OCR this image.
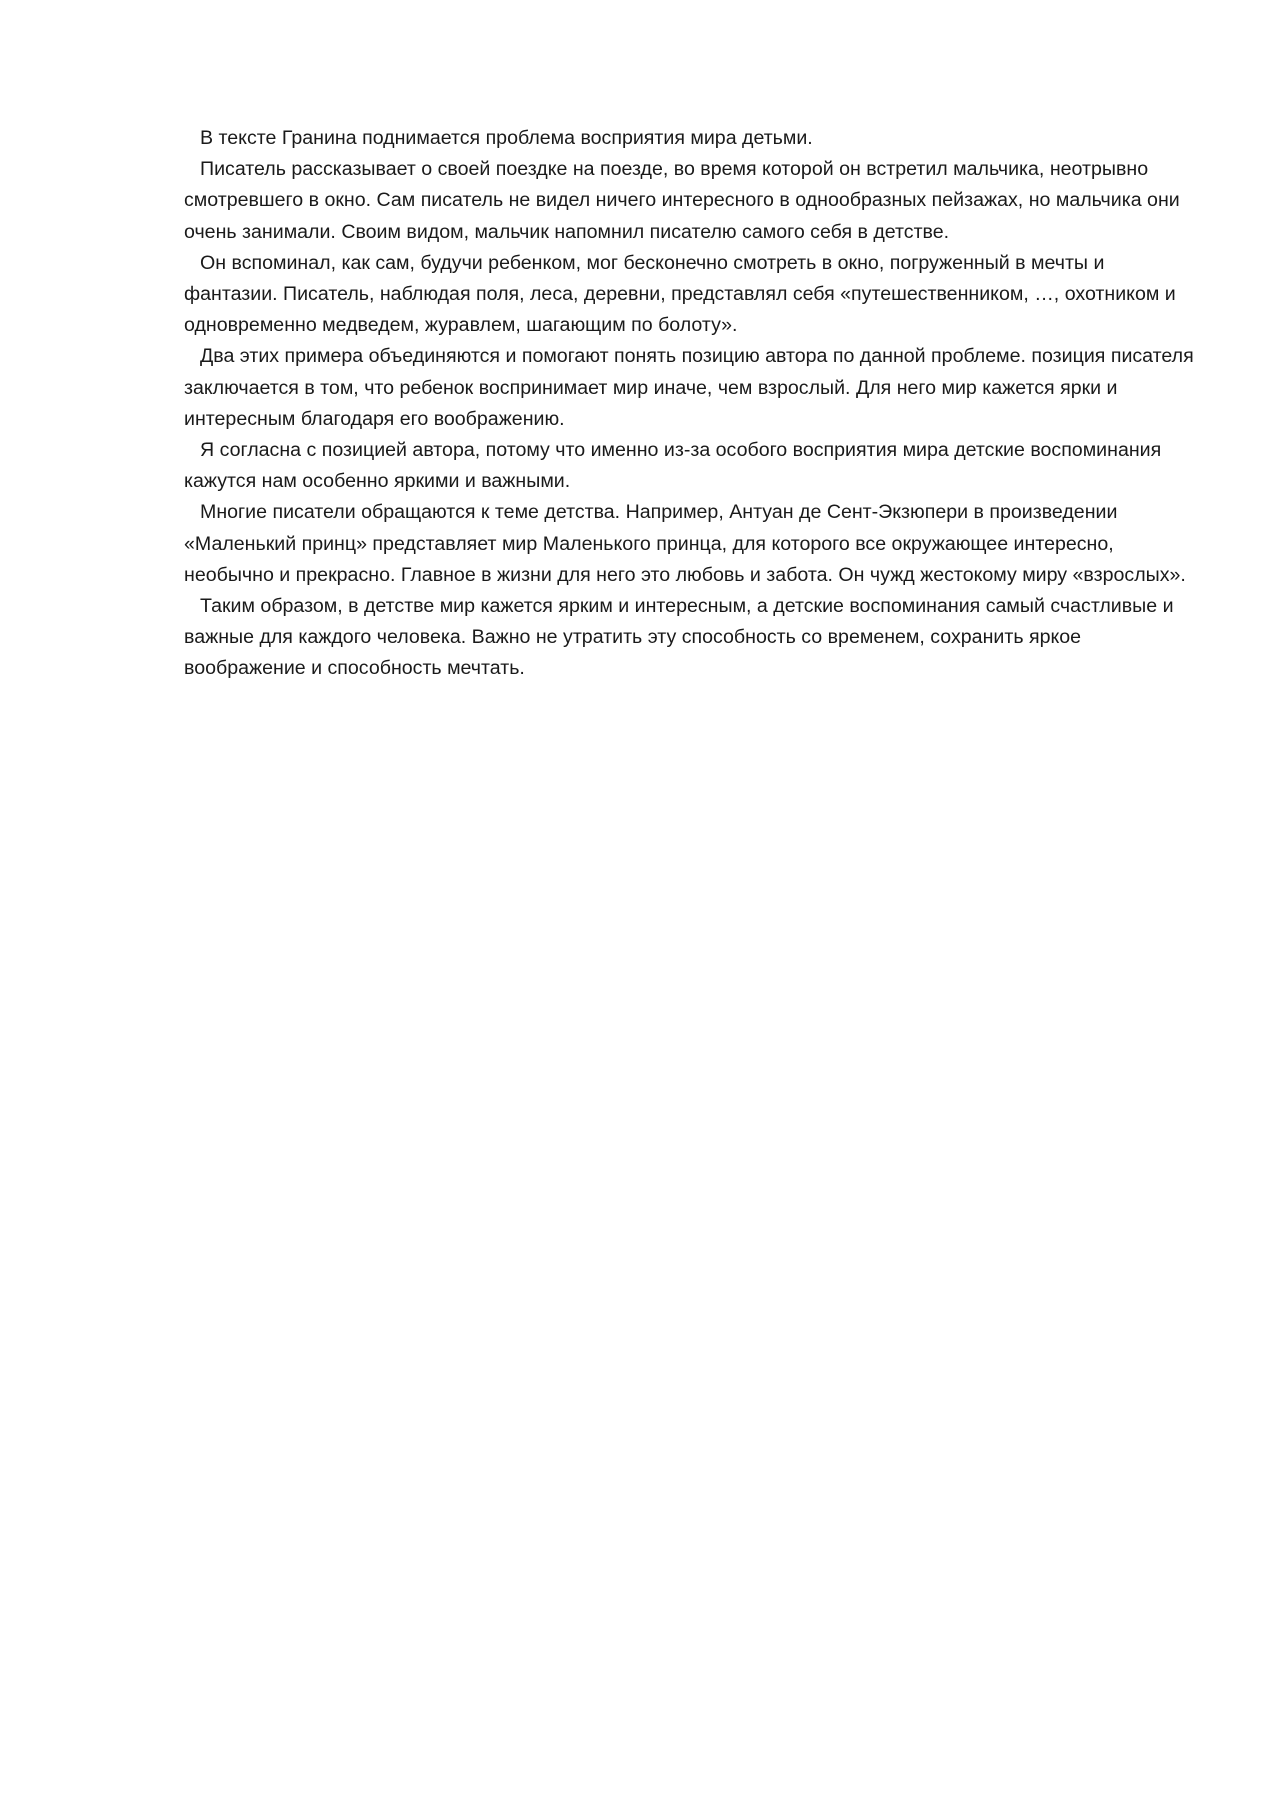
В тексте Гранина поднимается проблема восприятия мира детьми.

Писатель рассказывает о своей поездке на поезде, во время которой он встретил мальчика, неотрывно смотревшего в окно. Сам писатель не видел ничего интересного в однообразных пейзажах, но мальчика они очень занимали. Своим видом, мальчик напомнил писателю самого себя в детстве.

Он вспоминал, как сам, будучи ребенком, мог бесконечно смотреть в окно, погруженный в мечты и фантазии. Писатель, наблюдая поля, леса, деревни, представлял себя «путешественником, …, охотником и одновременно медведем, журавлем, шагающим по болоту».

Два этих примера объединяются и помогают понять позицию автора по данной проблеме. позиция писателя заключается в том, что ребенок воспринимает мир иначе, чем взрослый. Для него мир кажется ярки и интересным благодаря его воображению.

Я согласна с позицией автора, потому что именно из-за особого восприятия мира детские воспоминания кажутся нам особенно яркими и важными.

Многие писатели обращаются к теме детства. Например, Антуан де Сент-Экзюпери в произведении «Маленький принц» представляет мир Маленького принца, для которого все окружающее интересно, необычно и прекрасно. Главное в жизни для него это любовь и забота. Он чужд жестокому миру «взрослых».

Таким образом, в детстве мир кажется ярким и интересным, а детские воспоминания самый счастливые и важные для каждого человека. Важно не утратить эту способность со временем, сохранить яркое воображение и способность мечтать.
